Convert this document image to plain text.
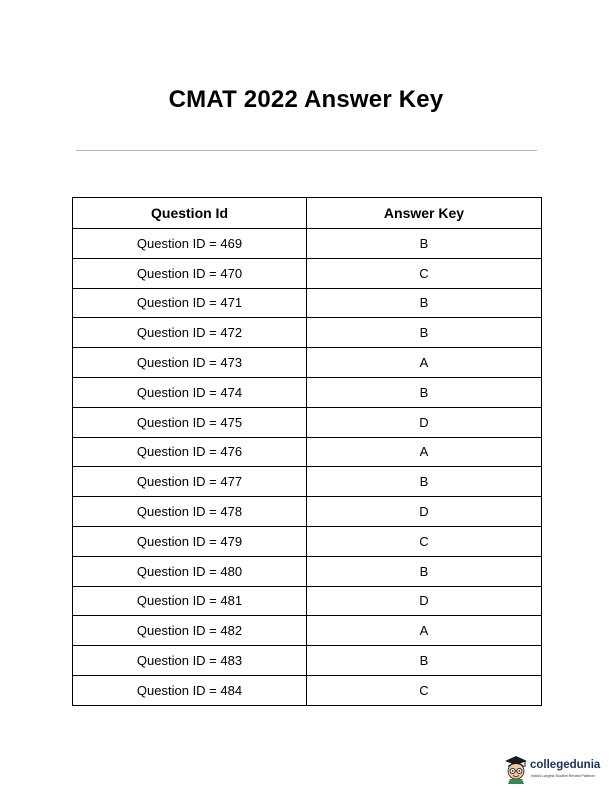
CMAT 2022 Answer Key
Question Id	Answer Key
Question ID = 469	B
Question ID = 470	C
Question ID = 471	B
Question ID = 472	B
Question ID = 473	A
Question ID = 474	B
Question ID = 475	D
Question ID = 476	A
Question ID = 477	B
Question ID = 478	D
Question ID = 479	C
Question ID = 480	B
Question ID = 481	D
Question ID = 482	A
Question ID = 483	B
Question ID = 484	C
collegedunia
India's Largest Student Review Platform
